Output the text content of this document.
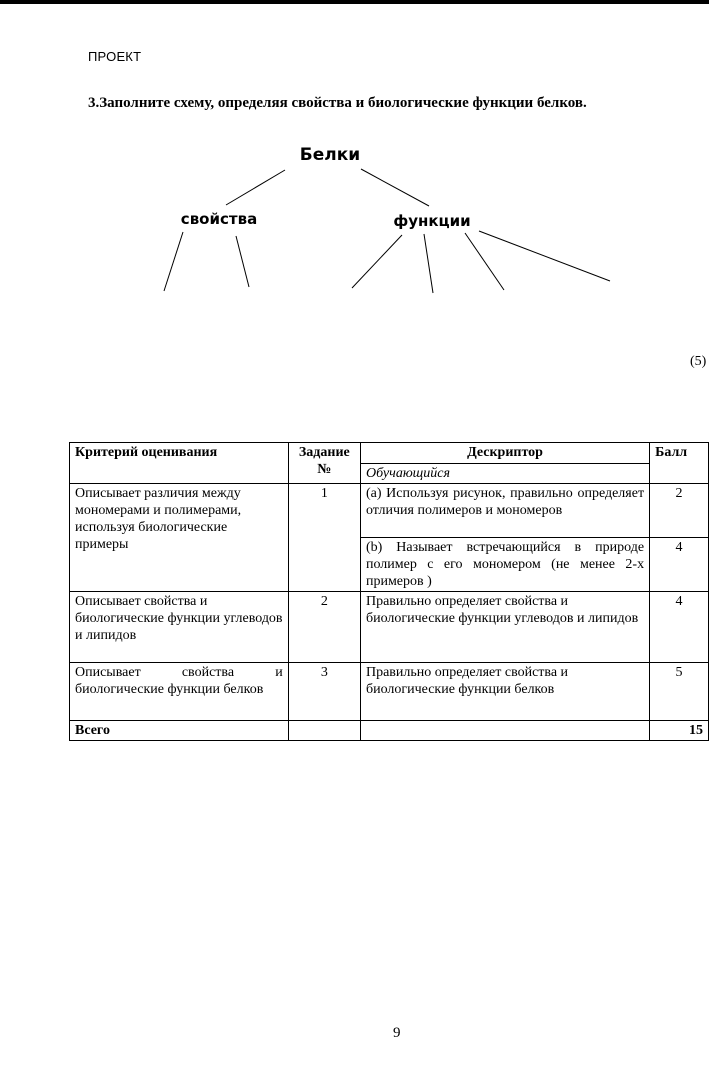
ПРОЕКТ
3.Заполните схему, определяя свойства и биологические функции белков.
Белки
свойства	функции
(5)
Критерий оценивания	Задание №	Дескриптор	Балл
		Обучающийся	
Описывает различия между мономерами и полимерами, используя биологические примеры	1	(a) Используя рисунок, правильно определяет отличия полимеров и мономеров	2
		(b) Называет встречающийся в природе полимер с его мономером (не менее 2-х примеров )	4
Описывает свойства и биологические функции углеводов и липидов	2	Правильно определяет свойства и биологические функции углеводов и липидов	4
Описывает свойства и биологические функции белков	3	Правильно определяет свойства и биологические функции белков	5
Всего			15
9
